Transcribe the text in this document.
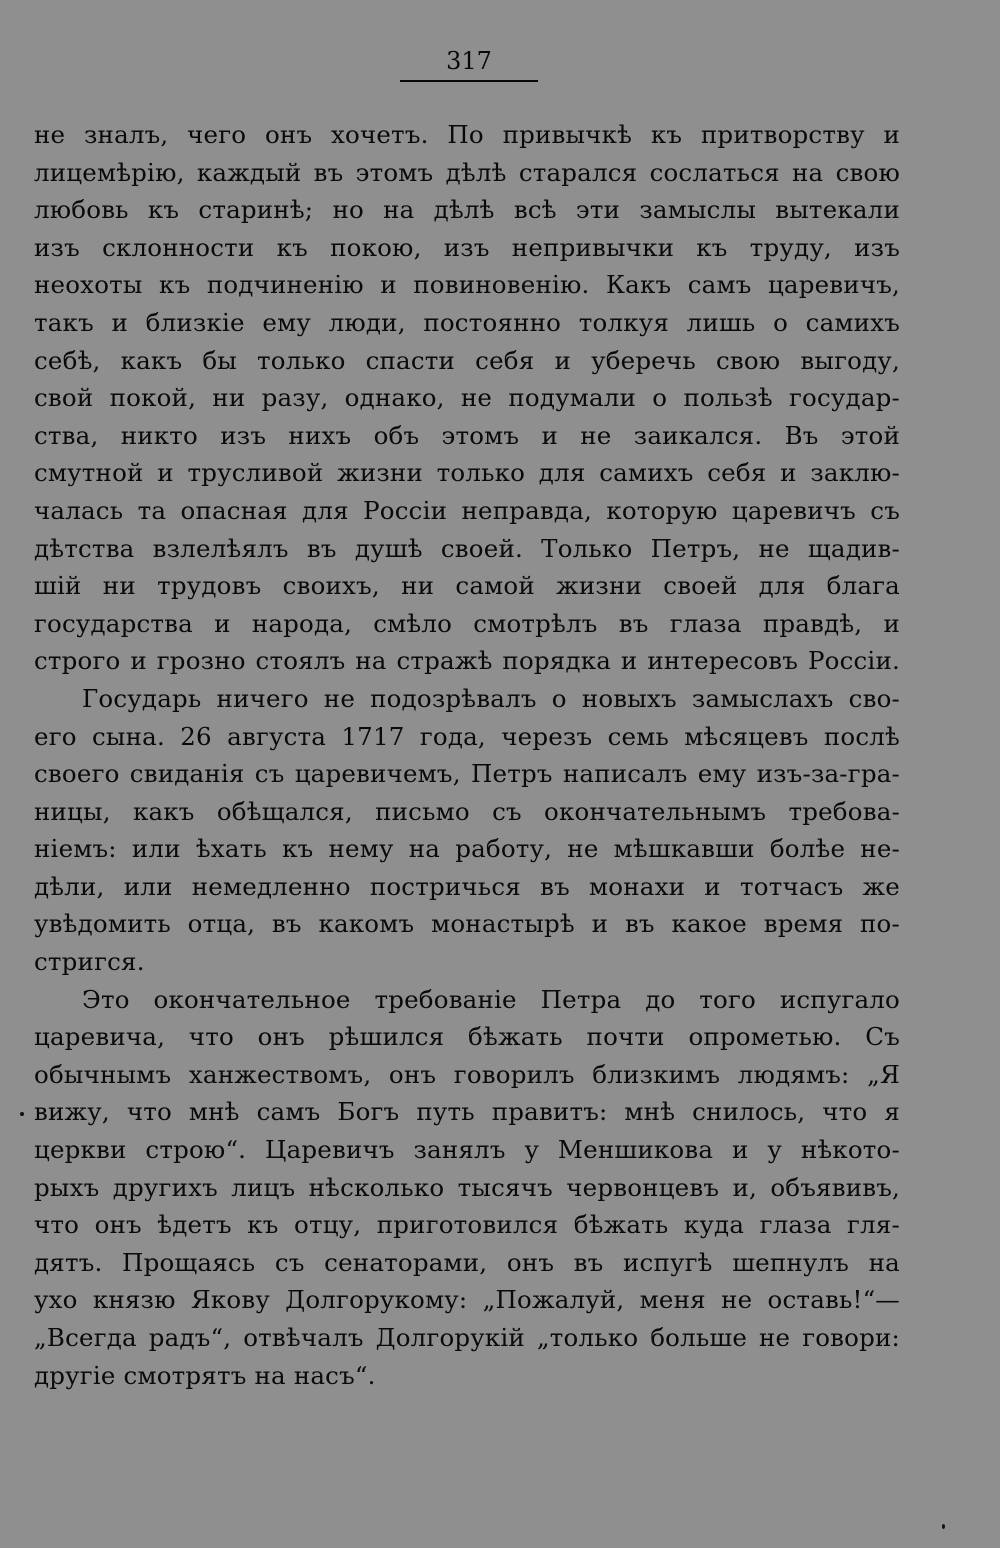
317
не зналъ, чего онъ хочетъ. По привычкѣ къ притворству и
лицемѣрію, каждый въ этомъ дѣлѣ старался сослаться на свою
любовь къ старинѣ; но на дѣлѣ всѣ эти замыслы вытекали
изъ склонности къ покою, изъ непривычки къ труду, изъ
неохоты къ подчиненію и повиновенію. Какъ самъ царевичъ,
такъ и близкіе ему люди, постоянно толкуя лишь о самихъ
себѣ, какъ бы только спасти себя и уберечь свою выгоду,
свой покой, ни разу, однако, не подумали о пользѣ государ-
ства, никто изъ нихъ объ этомъ и не заикался. Въ этой
смутной и трусливой жизни только для самихъ себя и заклю-
чалась та опасная для Россіи неправда, которую царевичъ съ
дѣтства взлелѣялъ въ душѣ своей. Только Петръ, не щадив-
шій ни трудовъ своихъ, ни самой жизни своей для блага
государства и народа, смѣло смотрѣлъ въ глаза правдѣ, и
строго и грозно стоялъ на стражѣ порядка и интересовъ Россіи.
Государь ничего не подозрѣвалъ о новыхъ замыслахъ сво-
его сына. 26 августа 1717 года, черезъ семь мѣсяцевъ послѣ
своего свиданія съ царевичемъ, Петръ написалъ ему изъ-за-гра-
ницы, какъ обѣщался, письмо съ окончательнымъ требова-
ніемъ: или ѣхать къ нему на работу, не мѣшкавши болѣе не-
дѣли, или немедленно постричься въ монахи и тотчасъ же
увѣдомить отца, въ какомъ монастырѣ и въ какое время по-
стригся.
Это окончательное требованіе Петра до того испугало
царевича, что онъ рѣшился бѣжать почти опрометью. Съ
обычнымъ ханжествомъ, онъ говорилъ близкимъ людямъ: „Я
вижу, что мнѣ самъ Богъ путь правитъ: мнѣ снилось, что я
церкви строю“. Царевичъ занялъ у Меншикова и у нѣкото-
рыхъ другихъ лицъ нѣсколько тысячъ червонцевъ и, объявивъ,
что онъ ѣдетъ къ отцу, приготовился бѣжать куда глаза гля-
дятъ. Прощаясь съ сенаторами, онъ въ испугѣ шепнулъ на
ухо князю Якову Долгорукому: „Пожалуй, меня не оставь!“—
„Всегда радъ“, отвѣчалъ Долгорукій „только больше не говори:
другіе смотрятъ на насъ“.
